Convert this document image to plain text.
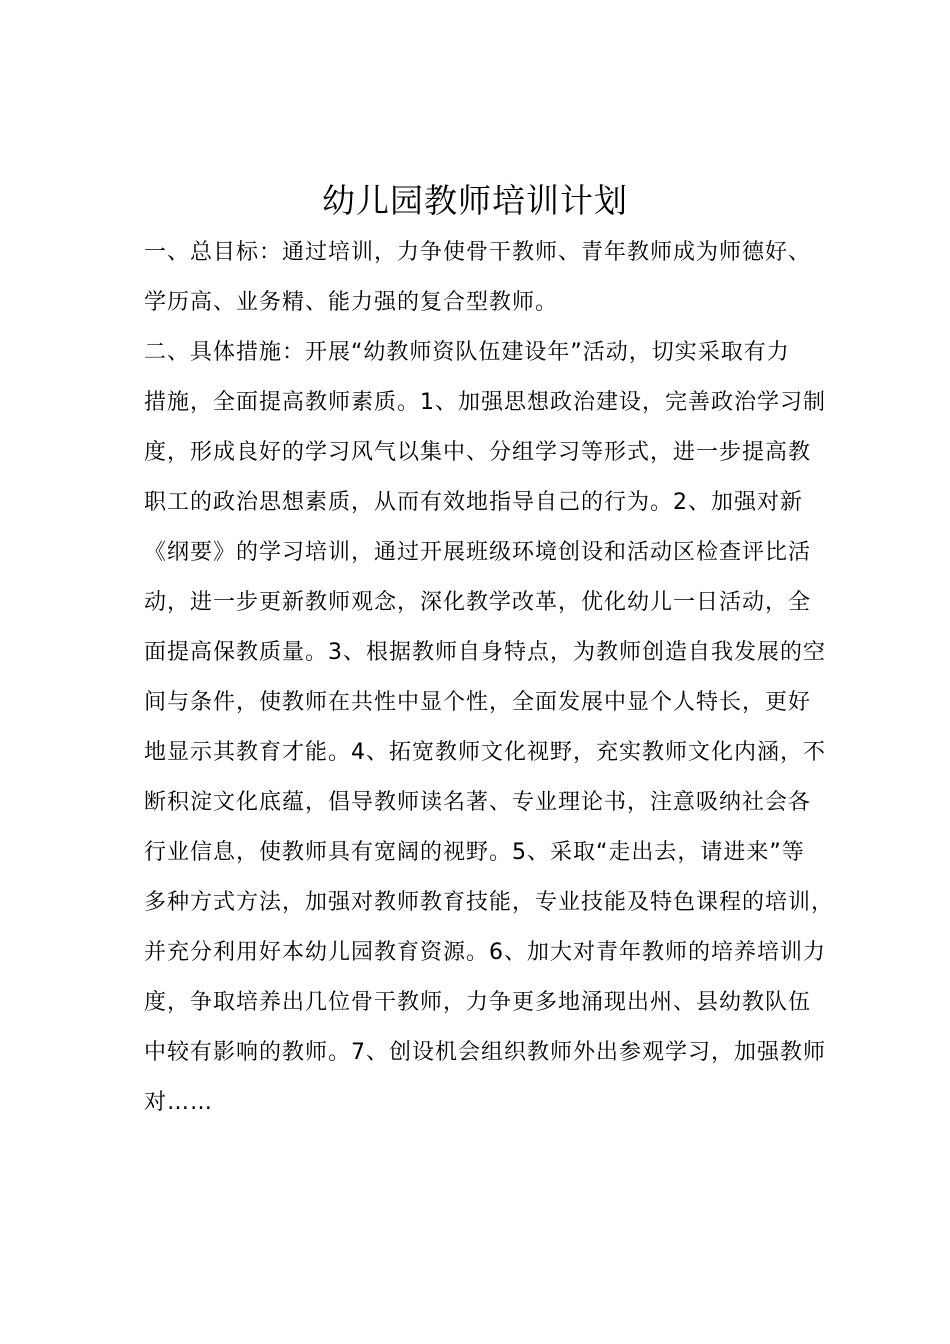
幼儿园教师培训计划
一、总目标：通过培训，力争使骨干教师、青年教师成为师德好、
学历高、业务精、能力强的复合型教师。
二、具体措施：开展“幼教师资队伍建设年”活动，切实采取有力
措施，全面提高教师素质。1、加强思想政治建设，完善政治学习制
度，形成良好的学习风气以集中、分组学习等形式，进一步提高教
职工的政治思想素质，从而有效地指导自己的行为。2、加强对新
《纲要》的学习培训，通过开展班级环境创设和活动区检查评比活
动，进一步更新教师观念，深化教学改革，优化幼儿一日活动，全
面提高保教质量。3、根据教师自身特点，为教师创造自我发展的空
间与条件，使教师在共性中显个性，全面发展中显个人特长，更好
地显示其教育才能。4、拓宽教师文化视野，充实教师文化内涵，不
断积淀文化底蕴，倡导教师读名著、专业理论书，注意吸纳社会各
行业信息，使教师具有宽阔的视野。5、采取“走出去，请进来”等
多种方式方法，加强对教师教育技能，专业技能及特色课程的培训，
并充分利用好本幼儿园教育资源。6、加大对青年教师的培养培训力
度，争取培养出几位骨干教师，力争更多地涌现出州、县幼教队伍
中较有影响的教师。7、创设机会组织教师外出参观学习，加强教师
对……
